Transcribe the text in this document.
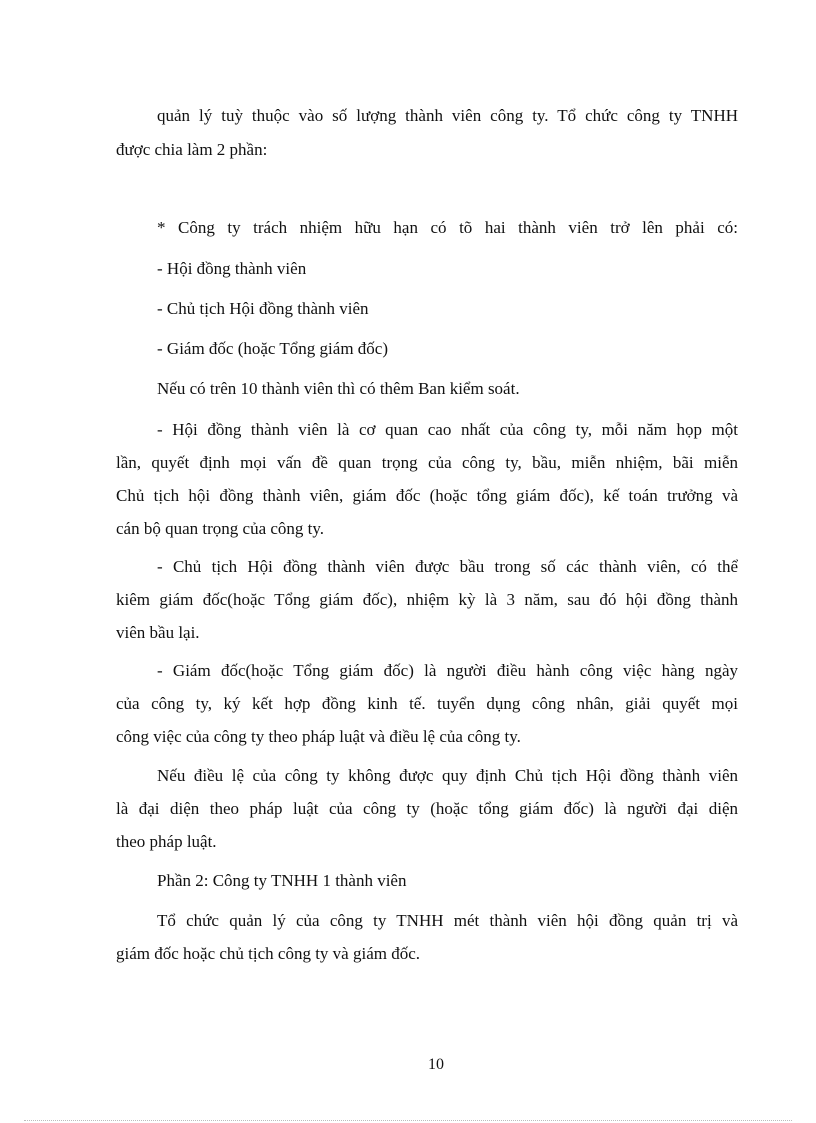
quản lý tuỳ thuộc vào số lượng thành viên công ty. Tổ chức công ty TNHH
được chia làm 2 phần:
* Công ty trách nhiệm hữu hạn có tõ hai thành viên trở lên phải có:
- Hội đồng thành viên
- Chủ tịch Hội đồng thành viên
- Giám đốc (hoặc Tổng giám đốc)
Nếu có trên 10 thành viên thì có thêm Ban kiểm soát.
- Hội đồng thành viên là cơ quan cao nhất của công ty, mỗi năm họp một
lần, quyết định mọi vấn đề quan trọng của công ty, bầu, miễn nhiệm, bãi miễn
Chủ tịch hội đồng thành viên, giám đốc (hoặc tổng giám đốc), kế toán trưởng và
cán bộ quan trọng của công ty.
- Chủ tịch Hội đồng thành viên được bầu trong số các thành viên, có thể
kiêm giám đốc(hoặc Tổng giám đốc), nhiệm kỳ là 3 năm, sau đó hội đồng thành
viên bầu lại.
- Giám đốc(hoặc Tổng giám đốc) là người điều hành công việc hàng ngày
của công ty, ký kết hợp đồng kinh tế. tuyển dụng công nhân, giải quyết mọi
công việc của công ty theo pháp luật và điều lệ của công ty.
Nếu điều lệ của công ty không được quy định Chủ tịch Hội đồng thành viên
là đại diện theo pháp luật của công ty (hoặc tổng giám đốc) là người đại diện
theo pháp luật.
Phần 2: Công ty TNHH 1 thành viên
Tổ chức quản lý của công ty TNHH mét thành viên hội đồng quản trị và
giám đốc hoặc chủ tịch công ty và giám đốc.
10
